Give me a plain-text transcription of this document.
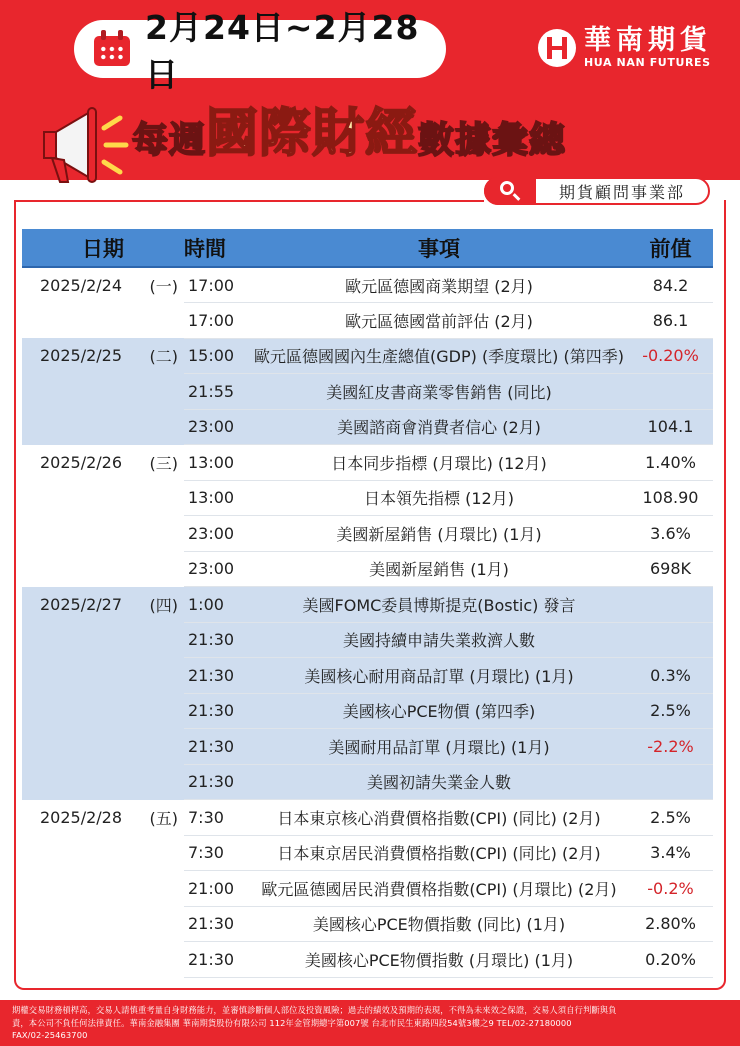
2月24日~2月28日
華南期貨
HUA NAN FUTURES
每週 國際財經 數據彙總
期貨顧問事業部
日期		時間	事項	前值
2025/2/24	(一)	17:00	歐元區德國商業期望 (2月)	84.2
		17:00	歐元區德國當前評估 (2月)	86.1
2025/2/25	(二)	15:00	歐元區德國國內生產總值(GDP) (季度環比) (第四季)	-0.20%
		21:55	美國紅皮書商業零售銷售 (同比)	
		23:00	美國諮商會消費者信心 (2月)	104.1
2025/2/26	(三)	13:00	日本同步指標 (月環比) (12月)	1.40%
		13:00	日本領先指標 (12月)	108.90
		23:00	美國新屋銷售 (月環比) (1月)	3.6%
		23:00	美國新屋銷售 (1月)	698K
2025/2/27	(四)	1:00	美國FOMC委員博斯提克(Bostic) 發言	
		21:30	美國持續申請失業救濟人數	
		21:30	美國核心耐用商品訂單 (月環比) (1月)	0.3%
		21:30	美國核心PCE物價 (第四季)	2.5%
		21:30	美國耐用品訂單 (月環比) (1月)	-2.2%
		21:30	美國初請失業金人數	
2025/2/28	(五)	7:30	日本東京核心消費價格指數(CPI) (同比) (2月)	2.5%
		7:30	日本東京居民消費價格指數(CPI) (同比) (2月)	3.4%
		21:00	歐元區德國居民消費價格指數(CPI) (月環比) (2月)	-0.2%
		21:30	美國核心PCE物價指數 (同比) (1月)	2.80%
		21:30	美國核心PCE物價指數 (月環比) (1月)	0.20%

期權交易財務槓桿高，交易人請慎重考量自身財務能力，並審慎診斷個人部位及投資風險；過去的績效及預期的表現，不得為未來效之保證，交易人須自行判斷與負

責，本公司不負任何法律責任。華南金融集團 華南期貨股份有限公司 112年金管期總字第007號 台北市民生東路四段54號3樓之9 TEL/02-27180000

FAX/02-25463700
